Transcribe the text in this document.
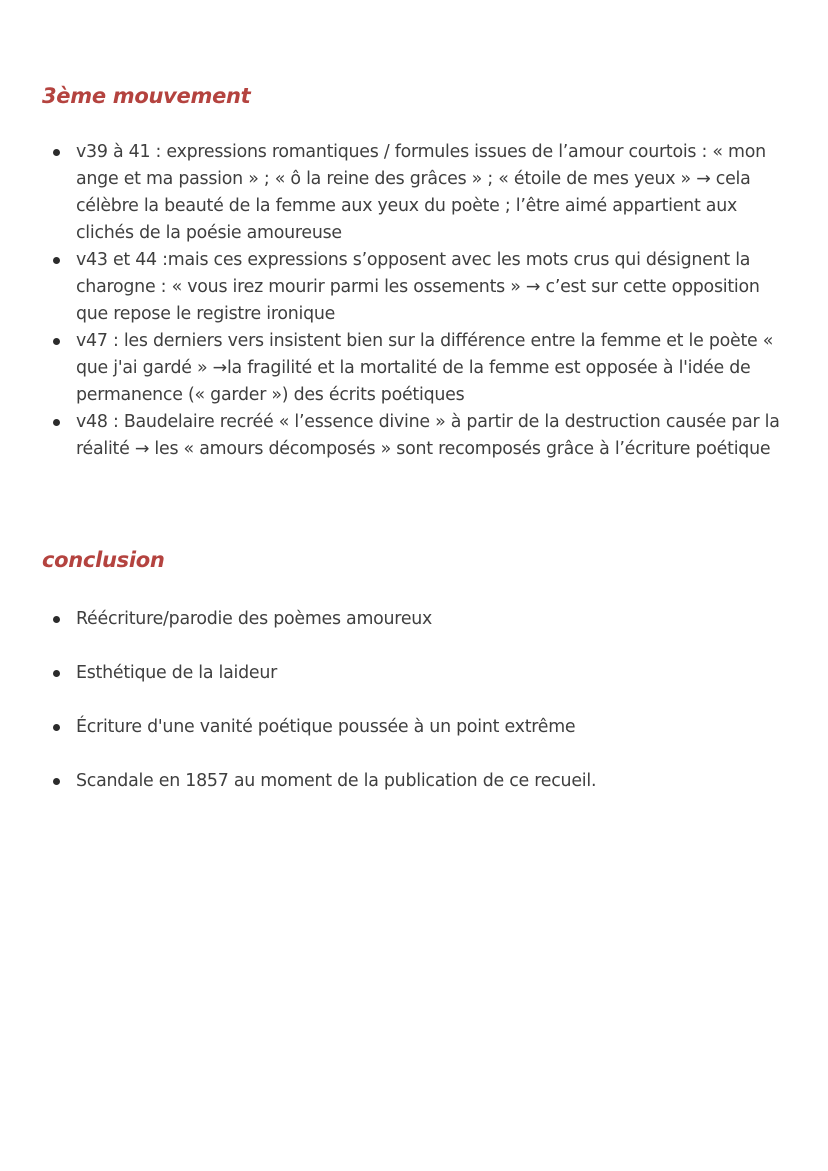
3ème mouvement
v39 à 41 : expressions romantiques / formules issues de l’amour courtois : « mon ange et ma passion » ; « ô la reine des grâces » ; « étoile de mes yeux » → cela célèbre la beauté de la femme aux yeux du poète ; l’être aimé appartient aux clichés de la poésie amoureuse
v43 et 44 :mais ces expressions s’opposent avec les mots crus qui désignent la charogne : « vous irez mourir parmi les ossements » → c’est sur cette opposition que repose le registre ironique
v47 : les derniers vers insistent bien sur la différence entre la femme et le poète « que j'ai gardé » →la fragilité et la mortalité de la femme est opposée à l'idée de permanence (« garder ») des écrits poétiques
v48 : Baudelaire recréé « l’essence divine » à partir de la destruction causée par la réalité → les « amours décomposés » sont recomposés grâce à l’écriture poétique
conclusion
Réécriture/parodie des poèmes amoureux
Esthétique de la laideur
Écriture d'une vanité poétique poussée à un point extrême
Scandale en 1857 au moment de la publication de ce recueil.
